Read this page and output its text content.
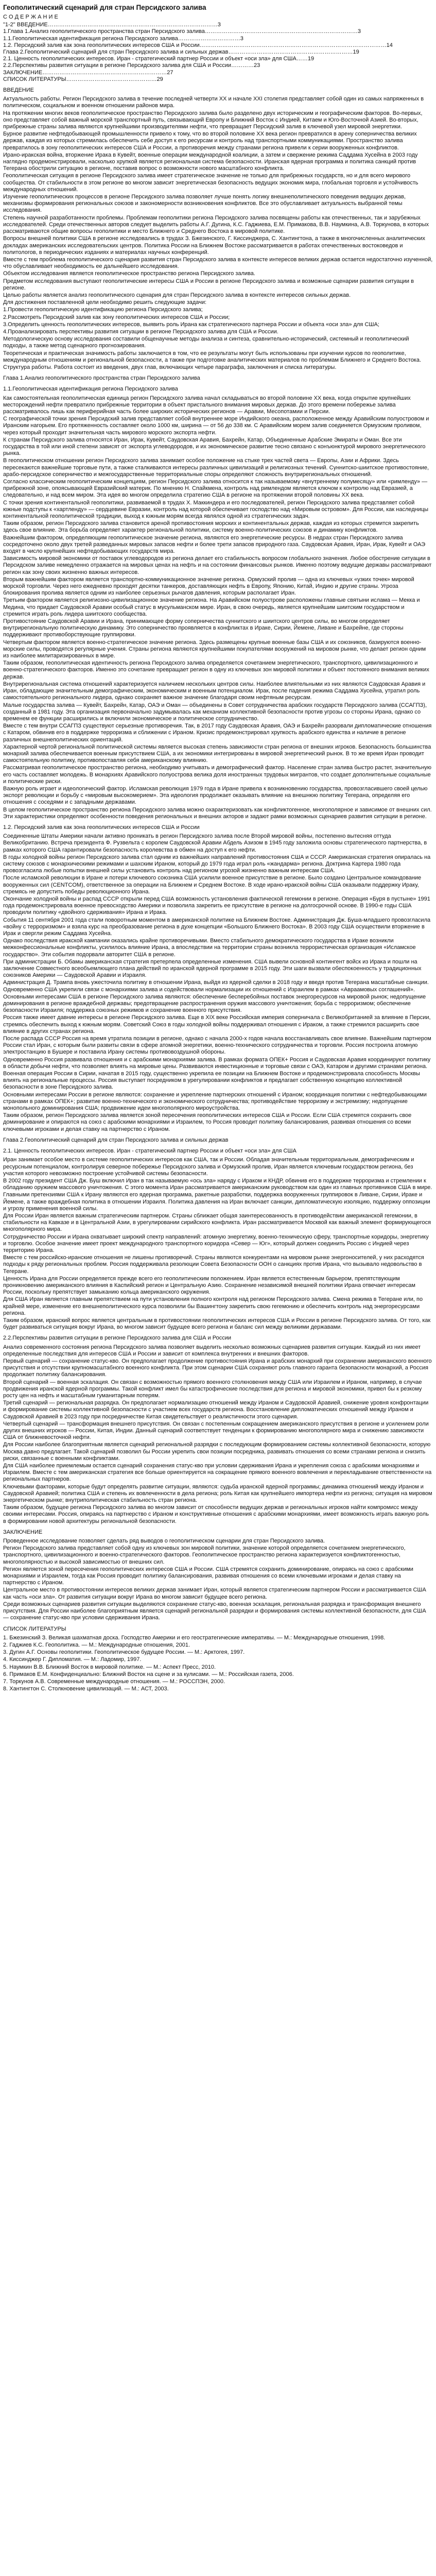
Геополитический сценарий для стран Персидского залива
С О Д Е Р Ж А Н И Е

"1-2" ВВЕДЕНИЕ………………………………………………………………………………3

1.Глава 1.Анализ геополитического пространства стран Персидского залива………………………………………………………………………3

1.1.Геополитическая идентификация региона Персидского залива……………………………3

1.2. Персидский залив как зона геополитических интересов США и России………………………………………………………………………………………14

Глава 2.Геополитический сценарий для стран Персидского залива и сильных держав…………………………………………………………19

2.1. Ценность геополитических интересов. Иран - стратегический партнер России и объект «оси зла» для США……19

2.2.Перспективы развития ситуации в регионе Персидского залива для США и России…………23

ЗАКЛЮЧЕНИЕ…………………………………………………………27

СПИСОК ЛИТЕРАТУРЫ…………………………………………29

ВВЕДЕНИЕ

Актуальность работы. Регион Персидского залива в течение последней четверти XX и начале XXI столетия представляет собой один из самых напряженных в политическом, социальном и военном отношении районов мира.

На протяжении многих веков геополитическое пространство Персидского залива было разделено двух историческим и географическим факторов. Во-первых, оно представляет собой важный морской транспортный путь, связывающий Европу и Ближний Восток с Индией, Китаем и Юго-Восточной Азией. Во-вторых, прибрежные страны залива являются крупнейшими производителями нефти, что превращает Персидский залив в ключевой узел мировой энергетики.

Бурное развитие нефтедобывающей промышленности привело к тому, что во второй половине XX века регион превратился в арену соперничества великих держав, каждая из которых стремилась обеспечить себе доступ к его ресурсам и контроль над транспортными коммуникациями. Пространство залива превратилось в зону геополитических интересов США и России, а противоречия между странами региона привели к серии вооруженных конфликтов.

Ирано-иракская война, вторжение Ирака в Кувейт, военные операции международной коалиции, а затем и свержение режима Саддама Хусейна в 2003 году наглядно продемонстрировали, насколько хрупкой является региональная система безопасности. Иранская ядерная программа и политика санкций против Тегерана обострили ситуацию в регионе, поставив вопрос о возможности нового масштабного конфликта.

Геополитическая ситуация в регионе Персидского залива имеет стратегическое значение не только для прибрежных государств, но и для всего мирового сообщества. От стабильности в этом регионе во многом зависит энергетическая безопасность ведущих экономик мира, глобальная торговля и устойчивость международных отношений.

Изучение геополитических процессов в регионе Персидского залива позволяет лучше понять логику внешнеполитического поведения ведущих держав, механизмы формирования региональных союзов и закономерности возникновения конфликтов. Все это обуславливает актуальность выбранной темы исследования.

Степень научной разработанности проблемы. Проблемам геополитики региона Персидского залива посвящены работы как отечественных, так и зарубежных исследователей. Среди отечественных авторов следует выделить работы А.Г. Дугина, К.С. Гаджиева, Е.М. Примакова, В.В. Наумкина, А.В. Торкунова, в которых рассматриваются общие вопросы геополитики и место Ближнего и Среднего Востока в мировой политике.

Вопросы внешней политики США в регионе исследовались в трудах З. Бжезинского, Г. Киссинджера, С. Хантингтона, а также в многочисленных аналитических докладах американских исследовательских центров. Политика России на Ближнем Востоке рассматривается в работах отечественных востоковедов и политологов, в периодических изданиях и материалах научных конференций.

Вместе с тем проблема геополитического сценария развития стран Персидского залива в контексте интересов великих держав остается недостаточно изученной, что обуславливает необходимость ее дальнейшего исследования.

Объектом исследования является геополитическое пространство региона Персидского залива.

Предметом исследования выступают геополитические интересы США и России в регионе Персидского залива и возможные сценарии развития ситуации в регионе.

Целью работы является анализ геополитического сценария для стран Персидского залива в контексте интересов сильных держав.

Для достижения поставленной цели необходимо решить следующие задачи:

1.Провести геополитическую идентификацию региона Персидского залива;

2.Рассмотреть Персидский залив как зону геополитических интересов США и России;

3.Определить ценность геополитических интересов, выявить роль Ирана как стратегического партнера России и объекта «оси зла» для США;

4.Проанализировать перспективы развития ситуации в регионе Персидского залива для США и России.

Методологическую основу исследования составили общенаучные методы анализа и синтеза, сравнительно-исторический, системный и геополитический подходы, а также метод сценарного прогнозирования.

Теоретическая и практическая значимость работы заключается в том, что ее результаты могут быть использованы при изучении курсов по геополитике, международным отношениям и региональной безопасности, а также при подготовке аналитических материалов по проблемам Ближнего и Среднего Востока.

Структура работы. Работа состоит из введения, двух глав, включающих четыре параграфа, заключения и списка литературы.

Глава 1.Анализ геополитического пространства стран Персидского залива
1.1.Геополитическая идентификация региона Персидского залива

Как самостоятельная геополитическая единица регион Персидского залива начал складываться во второй половине XX века, когда открытие крупнейших месторождений нефти превратило прибрежные территории в объект пристального внимания мировых держав. До этого времени побережье залива рассматривалось лишь как периферийная часть более широких исторических регионов — Аравии, Месопотамии и Персии.

С географической точки зрения Персидский залив представляет собой внутреннее море Индийского океана, расположенное между Аравийским полуостровом и Иранским нагорьем. Его протяженность составляет около 1000 км, ширина — от 56 до 338 км. С Аравийским морем залив соединяется Ормузским проливом, через который проходит значительная часть мирового морского экспорта нефти.

К странам Персидского залива относятся Иран, Ирак, Кувейт, Саудовская Аравия, Бахрейн, Катар, Объединенные Арабские Эмираты и Оман. Все эти государства в той или иной степени зависят от экспорта углеводородов, и их экономическое развитие тесно связано с конъюнктурой мирового энергетического рынка.

В геополитическом отношении регион Персидского залива занимает особое положение на стыке трех частей света — Европы, Азии и Африки. Здесь пересекаются важнейшие торговые пути, а также сталкиваются интересы различных цивилизаций и религиозных течений. Суннитско-шиитское противостояние, арабо-персидское соперничество и межгосударственные территориальные споры определяют сложность внутрирегиональных отношений.

Согласно классическим геополитическим концепциям, регион Персидского залива относится к так называемому «внутреннему полумесяцу» или «римленду» — прибрежной зоне, опоясывающей Евразийский материк. По мнению Н. Спайкмена, контроль над римлендом является ключом к контролю над Евразией, а следовательно, и над всем миром. Эта идея во многом определила стратегию США в регионе на протяжении второй половины XX века.

С точки зрения континентальной геополитики, развиваемой в трудах Х. Маккиндера и его последователей, регион Персидского залива представляет собой южные подступы к «хартленду» — сердцевине Евразии, контроль над которой обеспечивает господство над «Мировым островом». Для России, как наследницы континентальной геополитической традиции, выход к южным морям всегда являлся одной из стратегических задач.

Таким образом, регион Персидского залива становится ареной противостояния морских и континентальных держав, каждая из которых стремится закрепить здесь свое влияние. Эта борьба определяет характер региональной политики, систему военно-политических союзов и динамику конфликтов.

Важнейшим фактором, определяющим геополитическое значение региона, являются его энергетические ресурсы. В недрах стран Персидского залива сосредоточено около двух третей разведанных мировых запасов нефти и более трети запасов природного газа. Саудовская Аравия, Иран, Ирак, Кувейт и ОАЭ входят в число крупнейших нефтедобывающих государств мира.

Зависимость мировой экономики от поставок углеводородов из региона делает его стабильность вопросом глобального значения. Любое обострение ситуации в Персидском заливе немедленно отражается на мировых ценах на нефть и на состоянии финансовых рынков. Именно поэтому ведущие державы рассматривают регион как зону своих жизненно важных интересов.

Вторым важнейшим фактором является транспортно-коммуникационное значение региона. Ормузский пролив — одна из ключевых «узких точек» мировой морской торговли. Через него ежедневно проходят десятки танкеров, доставляющих нефть в Европу, Японию, Китай, Индию и другие страны. Угроза блокирования пролива является одним из наиболее серьезных рычагов давления, которым располагает Иран.

Третьим фактором является религиозно-цивилизационное значение региона. На Аравийском полуострове расположены главные святыни ислама — Мекка и Медина, что придает Саудовской Аравии особый статус в мусульманском мире. Иран, в свою очередь, является крупнейшим шиитским государством и стремится играть роль лидера шиитского сообщества.

Противостояние Саудовской Аравии и Ирана, принимающее форму соперничества суннитского и шиитского центров силы, во многом определяет внутрирегиональную политическую динамику. Это соперничество проявляется в конфликтах в Ираке, Сирии, Йемене, Ливане и Бахрейне, где стороны поддерживают противоборствующие группировки.

Четвертым фактором является военно-стратегическое значение региона. Здесь размещены крупные военные базы США и их союзников, базируются военно-морские силы, проводятся регулярные учения. Страны региона являются крупнейшими покупателями вооружений на мировом рынке, что делает регион одним из наиболее милитаризированных в мире.

Таким образом, геополитическая идентичность региона Персидского залива определяется сочетанием энергетического, транспортного, цивилизационного и военно-стратегического факторов. Именно это сочетание превращает регион в одну из ключевых зон мировой политики и объект постоянного внимания великих держав.

Внутрирегиональная система отношений характеризуется наличием нескольких центров силы. Наиболее влиятельными из них являются Саудовская Аравия и Иран, обладающие значительным демографическим, экономическим и военным потенциалом. Ирак, после падения режима Саддама Хусейна, утратил роль самостоятельного регионального лидера, однако сохраняет важное значение благодаря своим нефтяным ресурсам.

Малые государства залива — Кувейт, Бахрейн, Катар, ОАЭ и Оман — объединены в Совет сотрудничества арабских государств Персидского залива (ССАГПЗ), созданный в 1981 году. Эта организация первоначально задумывалась как механизм коллективной безопасности против угрозы со стороны Ирана, однако со временем ее функции расширились и включили экономическое и политическое сотрудничество.

Вместе с тем внутри ССАГПЗ существуют серьезные противоречия. Так, в 2017 году Саудовская Аравия, ОАЭ и Бахрейн разорвали дипломатические отношения с Катаром, обвинив его в поддержке терроризма и сближении с Ираном. Кризис продемонстрировал хрупкость арабского единства и наличие в регионе различных внешнеполитических ориентаций.

Характерной чертой региональной политической системы является высокая степень зависимости стран региона от внешних игроков. Безопасность большинства монархий залива обеспечивается военным присутствием США, а их экономики интегрированы в мировой энергетический рынок. В то же время Иран проводит самостоятельную политику, противопоставляя себя американскому влиянию.

Рассматривая геополитическое пространство региона, необходимо учитывать и демографический фактор. Население стран залива быстро растет, значительную его часть составляет молодежь. В монархиях Аравийского полуострова велика доля иностранных трудовых мигрантов, что создает дополнительные социальные и политические риски.

Важную роль играет и идеологический фактор. Исламская революция 1979 года в Иране привела к возникновению государства, провозгласившего своей целью экспорт революции и борьбу с «мировым высокомерием». Эта идеология продолжает оказывать влияние на внешнюю политику Тегерана, определяя его отношения с соседями и с западными державами.

В целом геополитическое пространство региона Персидского залива можно охарактеризовать как конфликтогенное, многополярное и зависимое от внешних сил. Эти характеристики определяют особенности поведения региональных и внешних акторов и задают рамки возможных сценариев развития ситуации в регионе.

1.2. Персидский залив как зона геополитических интересов США и России

Соединенные Штаты Америки начали активно проникать в регион Персидского залива после Второй мировой войны, постепенно вытесняя оттуда Великобританию. Встреча президента Ф. Рузвельта с королем Саудовской Аравии Абдель Азизом в 1945 году заложила основы стратегического партнерства, в рамках которого США гарантировали безопасность королевства в обмен на доступ к его нефти.

В годы холодной войны регион Персидского залива стал одним из важнейших направлений противостояния США и СССР. Американская стратегия опиралась на систему союзов с монархическими режимами и шахским Ираном, который до 1979 года играл роль «жандарма» региона. Доктрина Картера 1980 года провозгласила любые попытки внешней силы установить контроль над регионом угрозой жизненно важным интересам США.

После исламской революции в Иране и потери ключевого союзника США усилили военное присутствие в регионе. Было создано Центральное командование вооруженных сил (CENTCOM), ответственное за операции на Ближнем и Среднем Востоке. В ходе ирано-иракской войны США оказывали поддержку Ираку, стремясь не допустить победы революционного Ирана.

Окончание холодной войны и распад СССР открыли перед США возможность установления фактической гегемонии в регионе. Операция «Буря в пустыне» 1991 года продемонстрировала военное превосходство Америки и позволила закрепить ее присутствие в регионе на долгосрочной основе. В 1990-е годы США проводили политику «двойного сдерживания» Ирана и Ирака.

События 11 сентября 2001 года стали поворотным моментом в американской политике на Ближнем Востоке. Администрация Дж. Буша-младшего провозгласила «войну с терроризмом» и взяла курс на преобразование региона в духе концепции «Большого Ближнего Востока». В 2003 году США осуществили вторжение в Ирак и свергли режим Саддама Хусейна.

Однако последствия иракской кампании оказались крайне противоречивыми. Вместо стабильного демократического государства в Ираке возникли межконфессиональные конфликты, усилилось влияние Ирана, а впоследствии на территории страны возникла террористическая организация «Исламское государство». Эти события подорвали авторитет США в регионе.

При администрации Б. Обамы американская стратегия претерпела определенные изменения. США вывели основной контингент войск из Ирака и пошли на заключение Совместного всеобъемлющего плана действий по иранской ядерной программе в 2015 году. Эти шаги вызвали обеспокоенность у традиционных союзников Америки — Саудовской Аравии и Израиля.

Администрация Д. Трампа вновь ужесточила политику в отношении Ирана, выйдя из ядерной сделки в 2018 году и введя против Тегерана масштабные санкции. Одновременно США укрепили связи с монархиями залива и содействовали нормализации их отношений с Израилем в рамках «Авраамовых соглашений».

Основными интересами США в регионе Персидского залива являются: обеспечение бесперебойных поставок энергоресурсов на мировой рынок; недопущение доминирования в регионе враждебной державы; предотвращение распространения оружия массового уничтожения; борьба с терроризмом; обеспечение безопасности Израиля; поддержка союзных режимов и сохранение военного присутствия.

Россия также имеет давние интересы в регионе Персидского залива. Еще в XIX веке Российская империя соперничала с Великобританией за влияние в Персии, стремясь обеспечить выход к южным морям. Советский Союз в годы холодной войны поддерживал отношения с Ираком, а также стремился расширить свое влияние в других странах региона.

После распада СССР Россия на время утратила позиции в регионе, однако с начала 2000-х годов начала восстанавливать свое влияние. Важнейшим партнером России стал Иран, с которым были развиты связи в сфере атомной энергетики, военно-технического сотрудничества и торговли. Россия построила атомную электростанцию в Бушере и поставила Ирану системы противовоздушной обороны.

Одновременно Россия развивала отношения и с арабскими монархиями залива. В рамках формата ОПЕК+ Россия и Саудовская Аравия координируют политику в области добычи нефти, что позволяет влиять на мировые цены. Развиваются инвестиционные и торговые связи с ОАЭ, Катаром и другими странами региона.

Военная операция России в Сирии, начатая в 2015 году, существенно укрепила ее позиции на Ближнем Востоке и продемонстрировала способность Москвы влиять на региональные процессы. Россия выступает посредником в урегулировании конфликтов и предлагает собственную концепцию коллективной безопасности в зоне Персидского залива.

Основными интересами России в регионе являются: сохранение и укрепление партнерских отношений с Ираном; координация политики с нефтедобывающими странами в рамках ОПЕК+; развитие военно-технического и экономического сотрудничества; противодействие терроризму и экстремизму; недопущение монопольного доминирования США; продвижение идеи многополярного мироустройства.

Таким образом, регион Персидского залива является зоной пересечения геополитических интересов США и России. Если США стремятся сохранить свое доминирование и опираются на союз с арабскими монархиями и Израилем, то Россия проводит политику балансирования, развивая отношения со всеми ключевыми игроками и делая ставку на партнерство с Ираном.

Глава 2.Геополитический сценарий для стран Персидского залива и сильных держав
2.1. Ценность геополитических интересов. Иран - стратегический партнер России и объект «оси зла» для США

Иран занимает особое место в системе геополитических интересов как США, так и России. Обладая значительным территориальным, демографическим и ресурсным потенциалом, контролируя северное побережье Персидского залива и Ормузский пролив, Иран является ключевым государством региона, без участия которого невозможно построение устойчивой системы безопасности.

В 2002 году президент США Дж. Буш включил Иран в так называемую «ось зла» наряду с Ираком и КНДР, обвинив его в поддержке терроризма и стремлении к обладанию оружием массового уничтожения. С этого момента Иран рассматривается американским руководством как один из главных противников США в мире.

Главными претензиями США к Ирану являются его ядерная программа, ракетные разработки, поддержка вооруженных группировок в Ливане, Сирии, Ираке и Йемене, а также враждебная политика в отношении Израиля. Политика давления на Иран включает санкции, дипломатическую изоляцию, поддержку оппозиции и угрозу применения военной силы.

Для России Иран является важным стратегическим партнером. Страны сближает общая заинтересованность в противодействии американской гегемонии, в стабильности на Кавказе и в Центральной Азии, в урегулировании сирийского конфликта. Иран рассматривается Москвой как важный элемент формирующегося многополярного мира.

Сотрудничество России и Ирана охватывает широкий спектр направлений: атомную энергетику, военно-техническую сферу, транспортные коридоры, энергетику и торговлю. Особое значение имеет проект международного транспортного коридора «Север — Юг», который должен соединить Россию с Индией через территорию Ирана.

Вместе с тем российско-иранские отношения не лишены противоречий. Страны являются конкурентами на мировом рынке энергоносителей, у них расходятся подходы к ряду региональных проблем. Россия поддерживала резолюции Совета Безопасности ООН о санкциях против Ирана, что вызывало недовольство в Тегеране.

Ценность Ирана для России определяется прежде всего его геополитическим положением. Иран является естественным барьером, препятствующим проникновению американского влияния в Каспийский регион и Центральную Азию. Сохранение независимой внешней политики Ирана отвечает интересам России, поскольку препятствует замыканию кольца американского окружения.

Для США Иран является главным препятствием на пути установления полного контроля над регионом Персидского залива. Смена режима в Тегеране или, по крайней мере, изменение его внешнеполитического курса позволили бы Вашингтону закрепить свою гегемонию и обеспечить контроль над энергоресурсами региона.

Таким образом, иранский вопрос является центральным в противостоянии геополитических интересов США и России в регионе Персидского залива. От того, как будет развиваться ситуация вокруг Ирана, во многом зависит будущее всего региона и баланс сил между великими державами.

2.2.Перспективы развития ситуации в регионе Персидского залива для США и России

Анализ современного состояния региона Персидского залива позволяет выделить несколько возможных сценариев развития ситуации. Каждый из них имеет определенные последствия для интересов США и России и зависит от комплекса внутренних и внешних факторов.

Первый сценарий — сохранение статус-кво. Он предполагает продолжение противостояния Ирана и арабских монархий при сохранении американского военного присутствия и отсутствии крупномасштабного военного конфликта. При этом сценарии США сохраняют роль главного гаранта безопасности монархий, а Россия продолжает политику балансирования.

Второй сценарий — военная эскалация. Он связан с возможностью прямого военного столкновения между США или Израилем и Ираном, например, в случае продвижения иранской ядерной программы. Такой конфликт имел бы катастрофические последствия для региона и мировой экономики, привел бы к резкому росту цен на нефть и масштабным гуманитарным потерям.

Третий сценарий — региональная разрядка. Он предполагает нормализацию отношений между Ираном и Саудовской Аравией, снижение уровня конфронтации и формирование системы коллективной безопасности с участием всех государств региона. Восстановление дипломатических отношений между Ираном и Саудовской Аравией в 2023 году при посредничестве Китая свидетельствует о реалистичности этого сценария.

Четвертый сценарий — трансформация внешнего присутствия. Он связан с постепенным сокращением американского присутствия в регионе и усилением роли других внешних игроков — России, Китая, Индии. Данный сценарий соответствует тенденции к формированию многополярного мира и снижению зависимости США от ближневосточной нефти.

Для России наиболее благоприятным является сценарий региональной разрядки с последующим формированием системы коллективной безопасности, которую Москва давно предлагает. Такой сценарий позволил бы России укрепить свои позиции посредника, развивать отношения со всеми странами региона и снизить риски, связанные с военными конфликтами.

Для США наиболее приемлемым остается сценарий сохранения статус-кво при условии сдерживания Ирана и укрепления союза с арабскими монархиями и Израилем. Вместе с тем американская стратегия все больше ориентируется на сокращение прямого военного вовлечения и перекладывание ответственности на региональных партнеров.

Ключевыми факторами, которые будут определять развитие ситуации, являются: судьба иранской ядерной программы; динамика отношений между Ираном и Саудовской Аравией; политика США и степень их вовлеченности в дела региона; роль Китая как крупнейшего импортера нефти из региона; ситуация на мировом энергетическом рынке; внутриполитическая стабильность стран региона.

Таким образом, будущее региона Персидского залива во многом зависит от способности ведущих держав и региональных игроков найти компромисс между своими интересами. Россия, опираясь на партнерство с Ираном и конструктивные отношения с арабскими монархиями, имеет возможность играть важную роль в формировании новой архитектуры региональной безопасности.

ЗАКЛЮЧЕНИЕ

Проведенное исследование позволяет сделать ряд выводов о геополитическом сценарии для стран Персидского залива.

Регион Персидского залива представляет собой одну из ключевых зон мировой политики, значение которой определяется сочетанием энергетического, транспортного, цивилизационного и военно-стратегического факторов. Геополитическое пространство региона характеризуется конфликтогенностью, многополярностью и высокой зависимостью от внешних сил.

Регион является зоной пересечения геополитических интересов США и России. США стремятся сохранить доминирование, опираясь на союз с арабскими монархиями и Израилем, тогда как Россия проводит политику балансирования, развивая отношения со всеми ключевыми игроками и делая ставку на партнерство с Ираном.

Центральное место в противостоянии интересов великих держав занимает Иран, который является стратегическим партнером России и рассматривается США как часть «оси зла». От развития ситуации вокруг Ирана во многом зависит будущее всего региона.

Среди возможных сценариев развития ситуации выделяются сохранение статус-кво, военная эскалация, региональная разрядка и трансформация внешнего присутствия. Для России наиболее благоприятным является сценарий региональной разрядки и формирования системы коллективной безопасности, для США — сохранение статус-кво при условии сдерживания Ирана.

СПИСОК ЛИТЕРАТУРЫ

1. Бжезинский З. Великая шахматная доска. Господство Америки и его геостратегические императивы. — М.: Международные отношения, 1998.

2. Гаджиев К.С. Геополитика. — М.: Международные отношения, 2001.

3. Дугин А.Г. Основы геополитики. Геополитическое будущее России. — М.: Арктогея, 1997.

4. Киссинджер Г. Дипломатия. — М.: Ладомир, 1997.

5. Наумкин В.В. Ближний Восток в мировой политике. — М.: Аспект Пресс, 2010.

6. Примаков Е.М. Конфиденциально: Ближний Восток на сцене и за кулисами. — М.: Российская газета, 2006.

7. Торкунов А.В. Современные международные отношения. — М.: РОССПЭН, 2000.

8. Хантингтон С. Столкновение цивилизаций. — М.: АСТ, 2003.
